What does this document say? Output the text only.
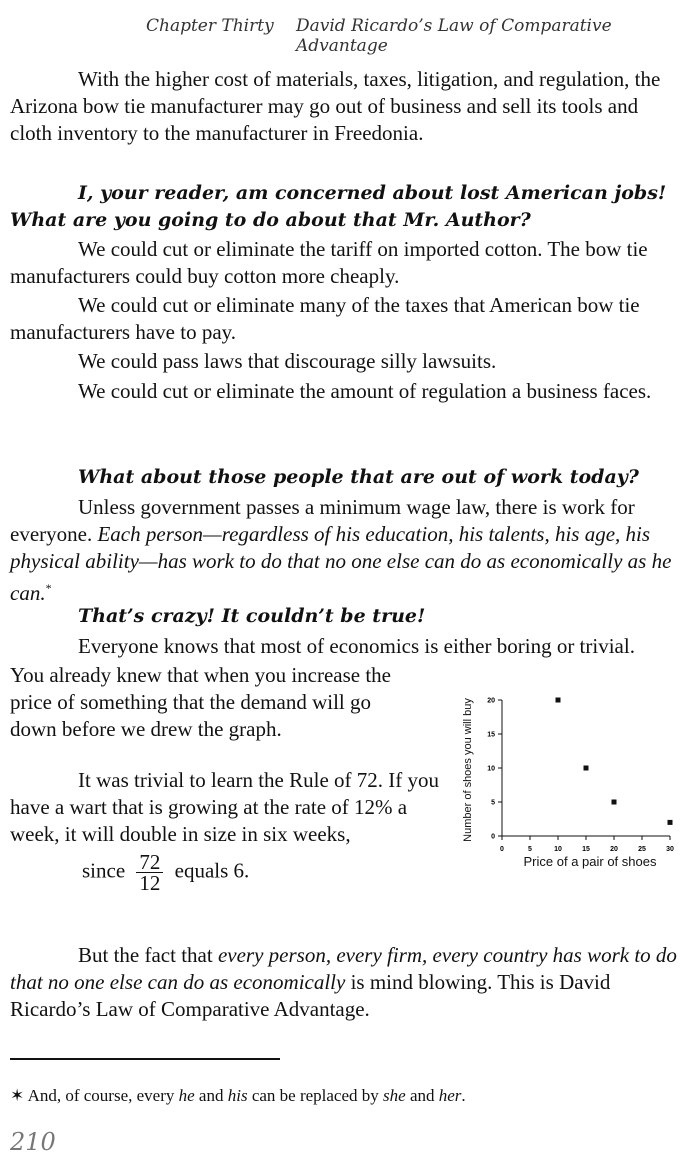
Chapter Thirty David Ricardo’s Law of Comparative Advantage

With the higher cost of materials, taxes, litigation, and regulation, the Arizona bow tie manufacturer may go out of business and sell its tools and cloth inventory to the manufacturer in Freedonia.

I, your reader, am concerned about lost American jobs! What are you going to do about that Mr. Author?

We could cut or eliminate the tariff on imported cotton. The bow tie manufacturers could buy cotton more cheaply.

We could cut or eliminate many of the taxes that American bow tie manufacturers have to pay.

We could pass laws that discourage silly lawsuits.

We could cut or eliminate the amount of regulation a business faces.

What about those people that are out of work today?

Unless government passes a minimum wage law, there is work for everyone. Each person—regardless of his education, his talents, his age, his physical ability—has work to do that no one else can do as economically as he can.*

That’s crazy! It couldn’t be true!

Everyone knows that most of economics is either boring or trivial.

You already knew that when you increase the price of something that the demand will go down before we drew the graph.

It was trivial to learn the Rule of 72. If you have a wart that is growing at the rate of 12% a week, it will double in size in six weeks,

since $\frac{72}{12}$ equals 6.
0	5	10	15	20	25	30
0
5
10
15
20
Price of a pair of shoes
Number of shoes you will buy

But the fact that every person, every firm, every country has work to do that no one else can do as economically is mind blowing. This is David Ricardo’s Law of Comparative Advantage.

✶ And, of course, every he and his can be replaced by she and her.
210
